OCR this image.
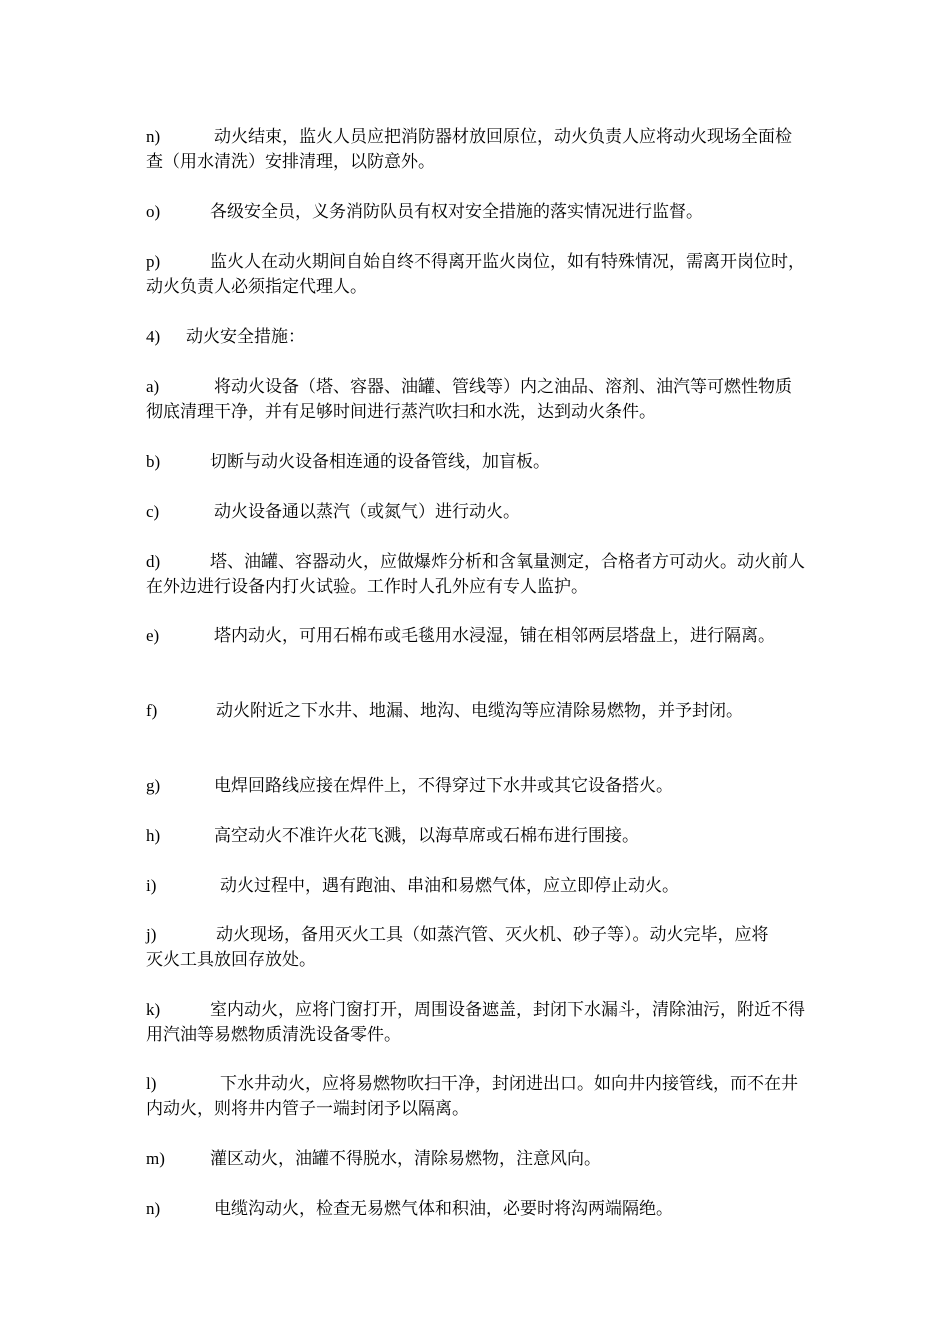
n)	动火结束，监火人员应把消防器材放回原位，动火负责人应将动火现场全面检查（用水清洗）安排清理，以防意外。
o)	各级安全员，义务消防队员有权对安全措施的落实情况进行监督。
p)	监火人在动火期间自始自终不得离开监火岗位，如有特殊情况，需离开岗位时，动火负责人必须指定代理人。
4) 动火安全措施：
a)	将动火设备（塔、容器、油罐、管线等）内之油品、溶剂、油汽等可燃性物质彻底清理干净，并有足够时间进行蒸汽吹扫和水洗，达到动火条件。
b)	切断与动火设备相连通的设备管线，加盲板。
c)	动火设备通以蒸汽（或氮气）进行动火。
d)	塔、油罐、容器动火，应做爆炸分析和含氧量测定，合格者方可动火。动火前人在外边进行设备内打火试验。工作时人孔外应有专人监护。
e)	塔内动火，可用石棉布或毛毯用水浸湿，铺在相邻两层塔盘上，进行隔离。
f)	动火附近之下水井、地漏、地沟、电缆沟等应清除易燃物，并予封闭。
g)	电焊回路线应接在焊件上，不得穿过下水井或其它设备搭火。
h)	高空动火不准许火花飞溅，以海草席或石棉布进行围接。
i)	动火过程中，遇有跑油、串油和易燃气体，应立即停止动火。
j)	动火现场，备用灭火工具（如蒸汽管、灭火机、砂子等）。动火完毕，应将灭火工具放回存放处。
k)	室内动火，应将门窗打开，周围设备遮盖，封闭下水漏斗，清除油污，附近不得用汽油等易燃物质清洗设备零件。
l)	下水井动火，应将易燃物吹扫干净，封闭进出口。如向井内接管线，而不在井内动火，则将井内管子一端封闭予以隔离。
m)	灌区动火，油罐不得脱水，清除易燃物，注意风向。
n)	电缆沟动火，检查无易燃气体和积油，必要时将沟两端隔绝。
